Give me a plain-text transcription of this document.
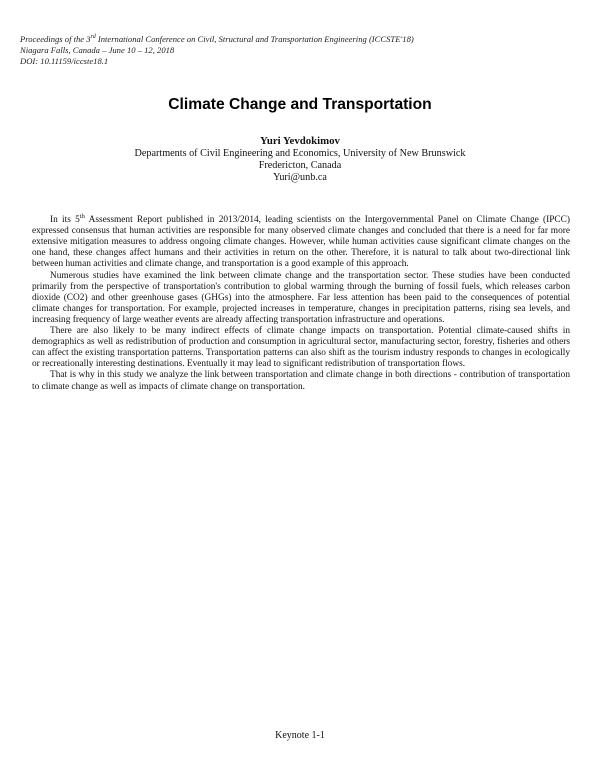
Proceedings of the 3rd International Conference on Civil, Structural and Transportation Engineering (ICCSTE'18)
Niagara Falls, Canada – June 10 – 12, 2018
DOI: 10.11159/iccste18.1
Climate Change and Transportation
Yuri Yevdokimov
Departments of Civil Engineering and Economics, University of New Brunswick
Fredericton, Canada
Yuri@unb.ca

In its 5th Assessment Report published in 2013/2014, leading scientists on the Intergovernmental Panel on Climate Change (IPCC) expressed consensus that human activities are responsible for many observed climate changes and concluded that there is a need for far more extensive mitigation measures to address ongoing climate changes. However, while human activities cause significant climate changes on the one hand, these changes affect humans and their activities in return on the other. Therefore, it is natural to talk about two-directional link between human activities and climate change, and transportation is a good example of this approach.

Numerous studies have examined the link between climate change and the transportation sector. These studies have been conducted primarily from the perspective of transportation's contribution to global warming through the burning of fossil fuels, which releases carbon dioxide (CO2) and other greenhouse gases (GHGs) into the atmosphere. Far less attention has been paid to the consequences of potential climate changes for transportation. For example, projected increases in temperature, changes in precipitation patterns, rising sea levels, and increasing frequency of large weather events are already affecting transportation infrastructure and operations.

There are also likely to be many indirect effects of climate change impacts on transportation. Potential climate-caused shifts in demographics as well as redistribution of production and consumption in agricultural sector, manufacturing sector, forestry, fisheries and others can affect the existing transportation patterns. Transportation patterns can also shift as the tourism industry responds to changes in ecologically or recreationally interesting destinations. Eventually it may lead to significant redistribution of transportation flows.

That is why in this study we analyze the link between transportation and climate change in both directions - contribution of transportation to climate change as well as impacts of climate change on transportation.

Keynote 1-1
